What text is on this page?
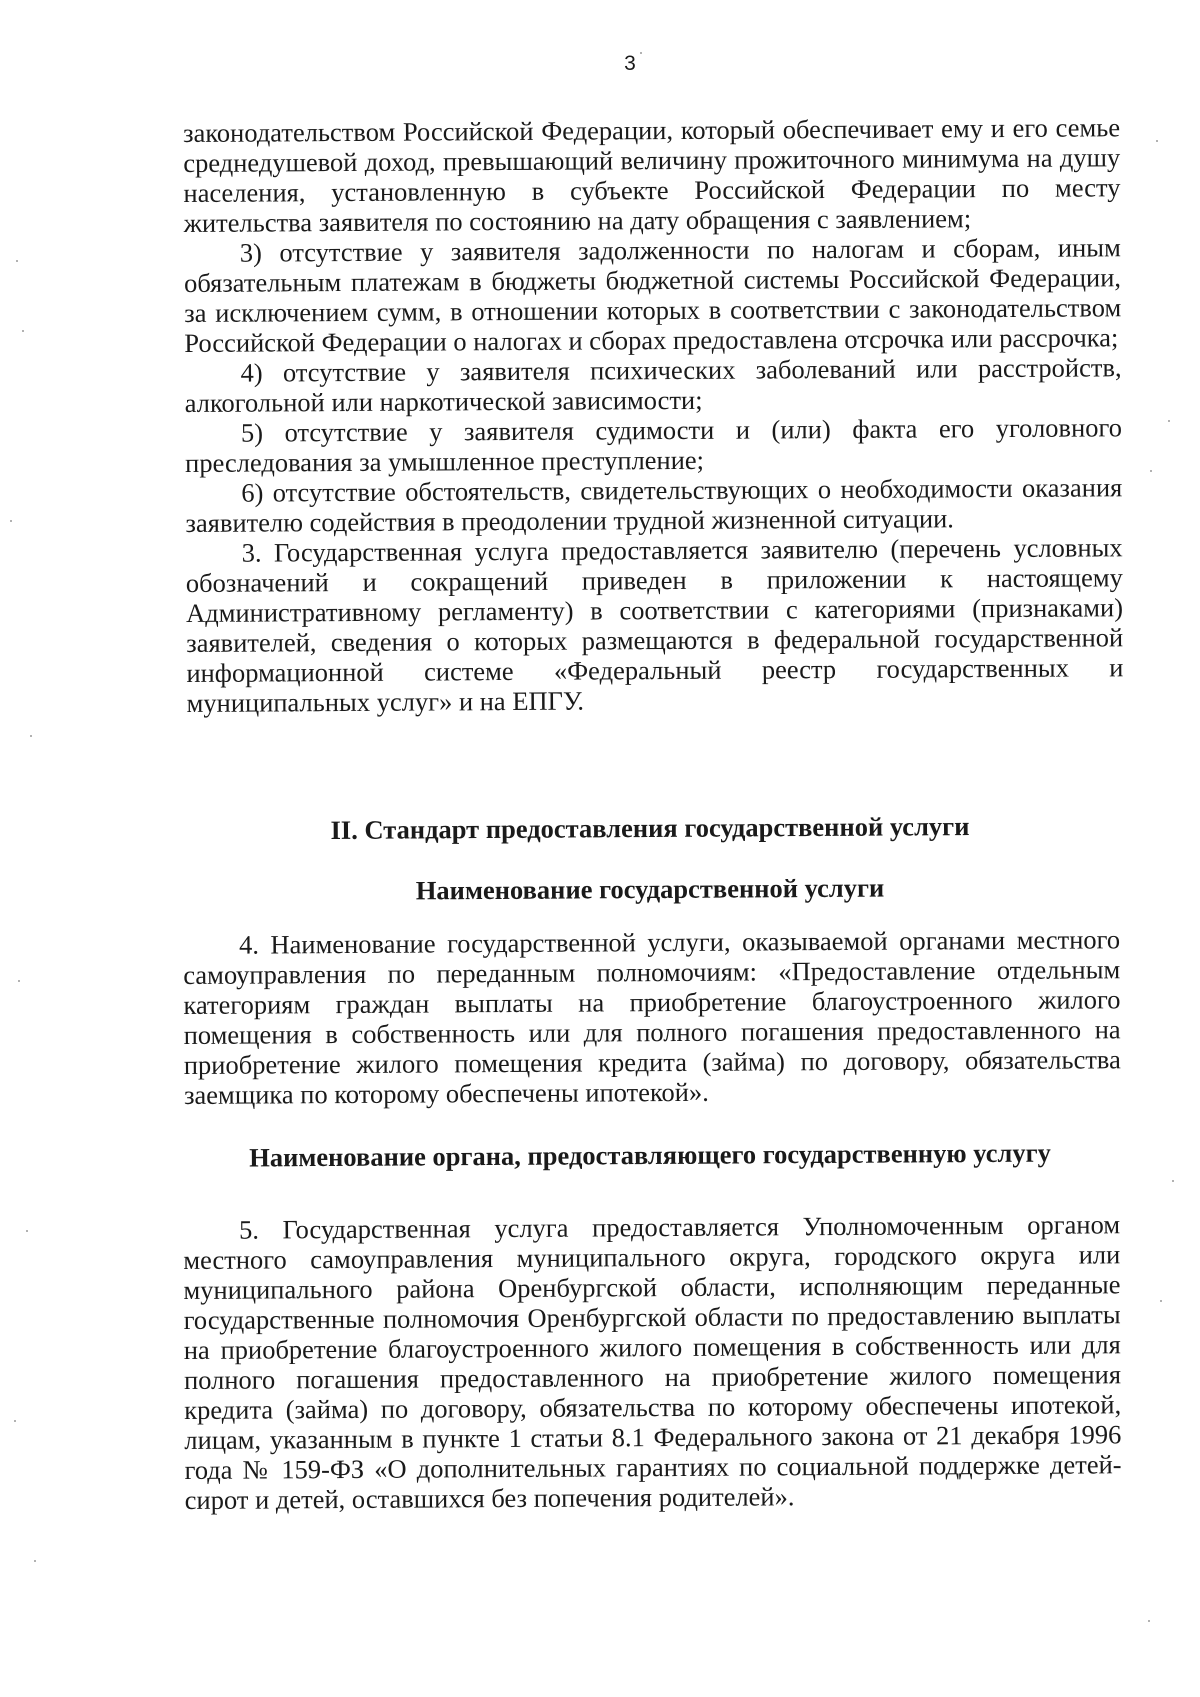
3

законодательством Российской Федерации, который обеспечивает ему и его семье среднедушевой доход, превышающий величину прожиточного минимума на душу населения, установленную в субъекте Российской Федерации по месту жительства заявителя по состоянию на дату обращения с заявлением;

3) отсутствие у заявителя задолженности по налогам и сборам, иным обязательным платежам в бюджеты бюджетной системы Российской Федерации, за исключением сумм, в отношении которых в соответствии с законодательством Российской Федерации о налогах и сборах предоставлена отсрочка или рассрочка;

4) отсутствие у заявителя психических заболеваний или расстройств, алкогольной или наркотической зависимости;

5) отсутствие у заявителя судимости и (или) факта его уголовного преследования за умышленное преступление;

6) отсутствие обстоятельств, свидетельствующих о необходимости оказания заявителю содействия в преодолении трудной жизненной ситуации.

3. Государственная услуга предоставляется заявителю (перечень условных обозначений и сокращений приведен в приложении к настоящему Административному регламенту) в соответствии с категориями (признаками) заявителей, сведения о которых размещаются в федеральной государственной информационной системе «Федеральный реестр государственных и муниципальных услуг» и на ЕПГУ.

II. Стандарт предоставления государственной услуги
Наименование государственной услуги

4. Наименование государственной услуги, оказываемой органами местного самоуправления по переданным полномочиям: «Предоставление отдельным категориям граждан выплаты на приобретение благоустроенного жилого помещения в собственность или для полного погашения предоставленного на приобретение жилого помещения кредита (займа) по договору, обязательства заемщика по которому обеспечены ипотекой».

Наименование органа, предоставляющего государственную услугу

5. Государственная услуга предоставляется Уполномоченным органом местного самоуправления муниципального округа, городского округа или муниципального района Оренбургской области, исполняющим переданные государственные полномочия Оренбургской области по предоставлению выплаты на приобретение благоустроенного жилого помещения в собственность или для полного погашения предоставленного на приобретение жилого помещения кредита (займа) по договору, обязательства по которому обеспечены ипотекой, лицам, указанным в пункте 1 статьи 8.1 Федерального закона от 21 декабря 1996 года № 159-ФЗ «О дополнительных гарантиях по социальной поддержке детей-сирот и детей, оставшихся без попечения родителей».
